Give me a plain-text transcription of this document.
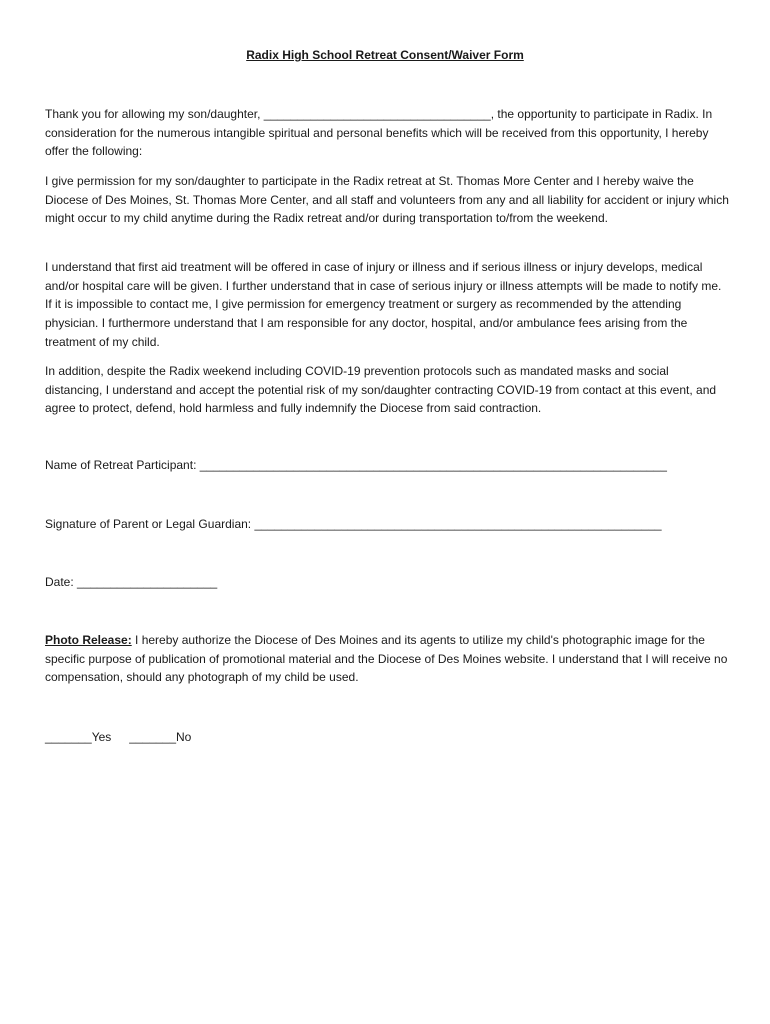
Radix High School Retreat Consent/Waiver Form

Thank you for allowing my son/daughter, __________________________________, the opportunity to participate in Radix. In consideration for the numerous intangible spiritual and personal benefits which will be received from this opportunity, I hereby offer the following:

I give permission for my son/daughter to participate in the Radix retreat at St. Thomas More Center and I hereby waive the Diocese of Des Moines, St. Thomas More Center, and all staff and volunteers from any and all liability for accident or injury which might occur to my child anytime during the Radix retreat and/or during transportation to/from the weekend.

I understand that first aid treatment will be offered in case of injury or illness and if serious illness or injury develops, medical and/or hospital care will be given. I further understand that in case of serious injury or illness attempts will be made to notify me. If it is impossible to contact me, I give permission for emergency treatment or surgery as recommended by the attending physician. I furthermore understand that I am responsible for any doctor, hospital, and/or ambulance fees arising from the treatment of my child.

In addition, despite the Radix weekend including COVID-19 prevention protocols such as mandated masks and social distancing, I understand and accept the potential risk of my son/daughter contracting COVID-19 from contact at this event, and agree to protect, defend, hold harmless and fully indemnify the Diocese from said contraction.

Name of Retreat Participant: ______________________________________________________________________
Signature of Parent or Legal Guardian: _____________________________________________________________
Date: _____________________

Photo Release: I hereby authorize the Diocese of Des Moines and its agents to utilize my child's photographic image for the specific purpose of publication of promotional material and the Diocese of Des Moines website. I understand that I will receive no compensation, should any photograph of my child be used.

_______Yes _______No
